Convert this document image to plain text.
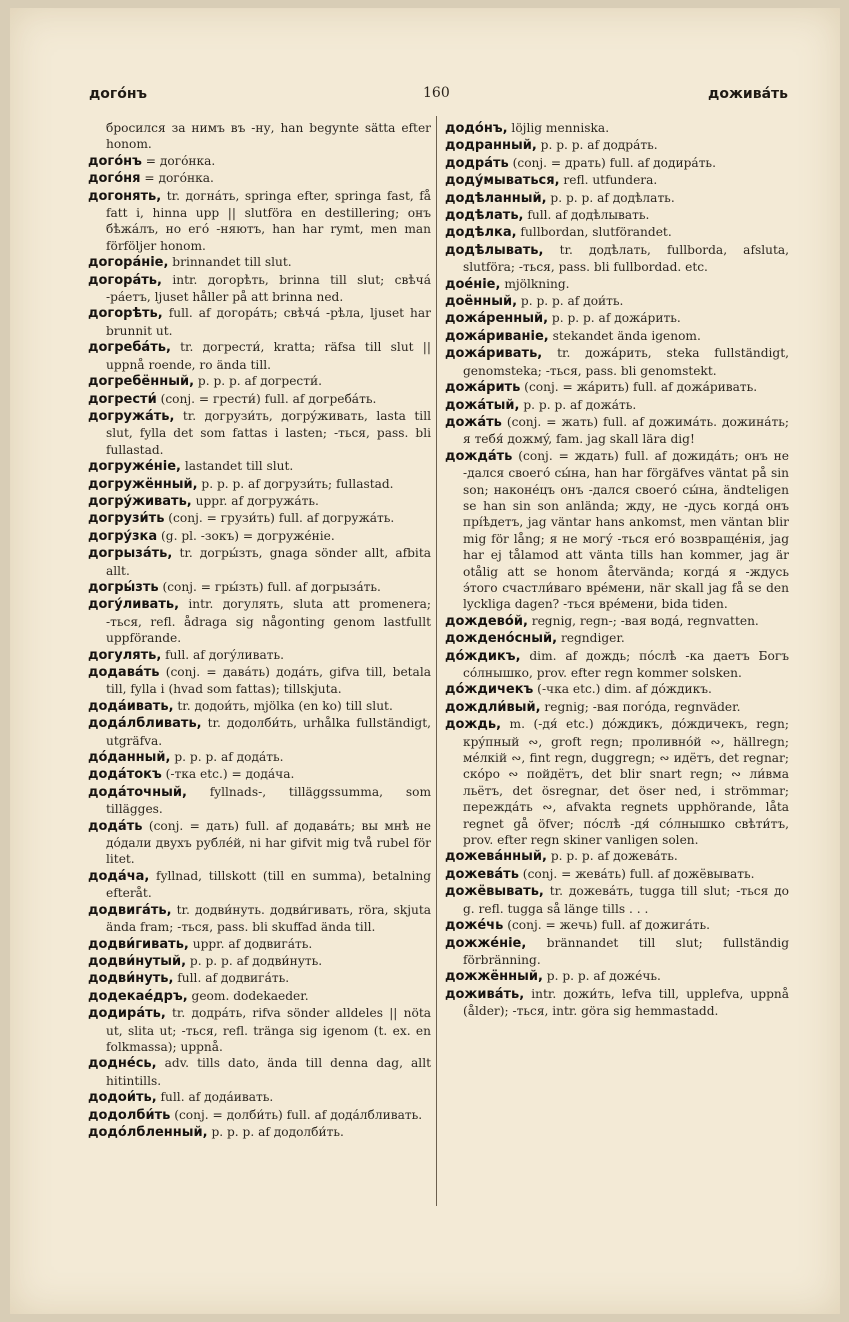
догóнъ	160	доживáть

бросился за нимъ въ -ну, han begynte sätta efter honom.

догóнъ = догóнка.

догóня = догóнка.

догонять, tr. догнáть, springa efter, springa fast, få fatt i, hinna upp || slutföra en destillering; онъ бѣжáлъ, но егó -няютъ, han har rymt, men man förföljer honom.

догорáніе, brinnandet till slut.

догорáть, intr. догорѣть, brinna till slut; свѣчá -рáетъ, ljuset håller på att brinna ned.

догорѣть, full. af догорáть; свѣчá -рѣла, ljuset har brunnit ut.

догребáть, tr. догрести́, kratta; räfsa till slut || uppnå roende, ro ända till.

догребённый, p. p. p. af догрести́.

догрести́ (conj. = грести́) full. af догребáть.

догружáть, tr. догрузи́ть, догрýживать, lasta till slut, fylla det som fattas i lasten; -ться, pass. bli fullastad.

догружéніе, lastandet till slut.

догружённый, p. p. p. af догрузи́ть; fullastad.

догрýживать, uppr. af догружáть.

догрузи́ть (conj. = грузи́ть) full. af догружáть.

догрýзка (g. pl. -зокъ) = догружéніе.

догрызáть, tr. догры́зть, gnaga sönder allt, afbita allt.

догры́зть (conj. = гры́зть) full. af догрызáть.

догýливать, intr. догулять, sluta att promenera; -ться, refl. ådraga sig någonting genom lastfullt uppförande.

догулять, full. af догýливать.

додавáть (conj. = давáть) додáть, gifva till, betala till, fylla i (hvad som fattas); tillskjuta.

додáивать, tr. додои́ть, mjölka (en ko) till slut.

додáлбливать, tr. додолби́ть, urhålka fullständigt, utgräfva.

дóданный, p. p. p. af додáть.

додáтокъ (-тка etc.) = додáча.

додáточный, fyllnads-, tilläggssumma, som tillägges.

додáть (conj. = дать) full. af додавáть; вы мнѣ не дóдали двухъ рублéй, ni har gifvit mig två rubel för litet.

додáча, fyllnad, tillskott (till en summa), betalning efteråt.

додвигáть, tr. додви́нуть. додви́гивать, röra, skjuta ända fram; -ться, pass. bli skuffad ända till.

додви́гивать, uppr. af додвигáть.

додви́нутый, p. p. p. af додви́нуть.

додви́нуть, full. af додвигáть.

додекаéдръ, geom. dodekaeder.

додирáть, tr. додрáть, rifva sönder alldeles || nöta ut, slita ut; -ться, refl. tränga sig igenom (t. ex. en folkmassa); uppnå.

доднéсь, adv. tills dato, ända till denna dag, allt hitintills.

додои́ть, full. af додáивать.

додолби́ть (conj. = долби́ть) full. af додáлбливать.

додóлбленный, p. p. p. af додолби́ть.

додóнъ, löjlig menniska.

додранный, p. p. p. af додрáть.

додрáть (conj. = драть) full. af додирáть.

додýмываться, refl. utfundera.

додѣланный, p. p. p. af додѣлать.

додѣлать, full. af додѣлывать.

додѣлка, fullbordan, slutförandet.

додѣлывать, tr. додѣлать, fullborda, afsluta, slutföra; -ться, pass. bli fullbordad. etc.

доéніе, mjölkning.

доённый, p. p. p. af дои́ть.

дожáренный, p. p. p. af дожáрить.

дожáриваніе, stekandet ända igenom.

дожáривать, tr. дожáрить, steka fullständigt, genomsteka; -ться, pass. bli genomstekt.

дожáрить (conj. = жáрить) full. af дожáривать.

дожáтый, p. p. p. af дожáть.

дожáть (conj. = жать) full. af дожимáть. дожинáть; я тебя́ дожмý, fam. jag skall lära dig!

дождáть (conj. = ждать) full. af дожидáть; онъ не -дался своегó сы́на, han har förgäfves väntat på sin son; наконéцъ онъ -дался своегó сы́на, ändteligen se han sin son anlända; жду, не -дусь когдá онъ прі́ѣдетъ, jag väntar hans ankomst, men väntan blir mig för lång; я не могý -ться егó возвращéнія, jag har ej tålamod att vänta tills han kommer, jag är otålig att se honom återvända; когдá я -ждусь э́того счастли́ваго врéмени, när skall jag få se den lyckliga dagen? -ться врéмени, bida tiden.

дождевóй, regnig, regn-; -вая водá, regnvatten.

дожденóсный, regndiger.

дóждикъ, dim. af дождь; пóслѣ -ка даетъ Богъ сóлнышко, prov. efter regn kommer solsken.

дóждичекъ (-чка etc.) dim. af дóждикъ.

дождли́вый, regnig; -вая погóда, regnväder.

дождь, m. (-дя́ etc.) дóждикъ, дóждичекъ, regn; крýпный ∾, groft regn; проливнóй ∾, hällregn; мéлкій ∾, fint regn, duggregn; ∾ идётъ, det regnar; скóро ∾ пойдётъ, det blir snart regn; ∾ ли́вма льётъ, det ösregnar, det öser ned, i strömmar; переждáть ∾, afvakta regnets upphörande, låta regnet gå öfver; пóслѣ -дя́ сóлнышко свѣти́тъ, prov. efter regn skiner vanligen solen.

дожевáнный, p. p. p. af дожевáть.

дожевáть (conj. = жевáть) full. af дожёвывать.

дожёвывать, tr. дожевáть, tugga till slut; -ться до g. refl. tugga så länge tills . . .

дожéчь (conj. = жечь) full. af дожигáть.

дожжéніе, brännandet till slut; fullständig förbränning.

дожжённый, p. p. p. af дожéчь.

доживáть, intr. дожи́ть, lefva till, upplefva, uppnå (ålder); -ться, intr. göra sig hemmastadd.
